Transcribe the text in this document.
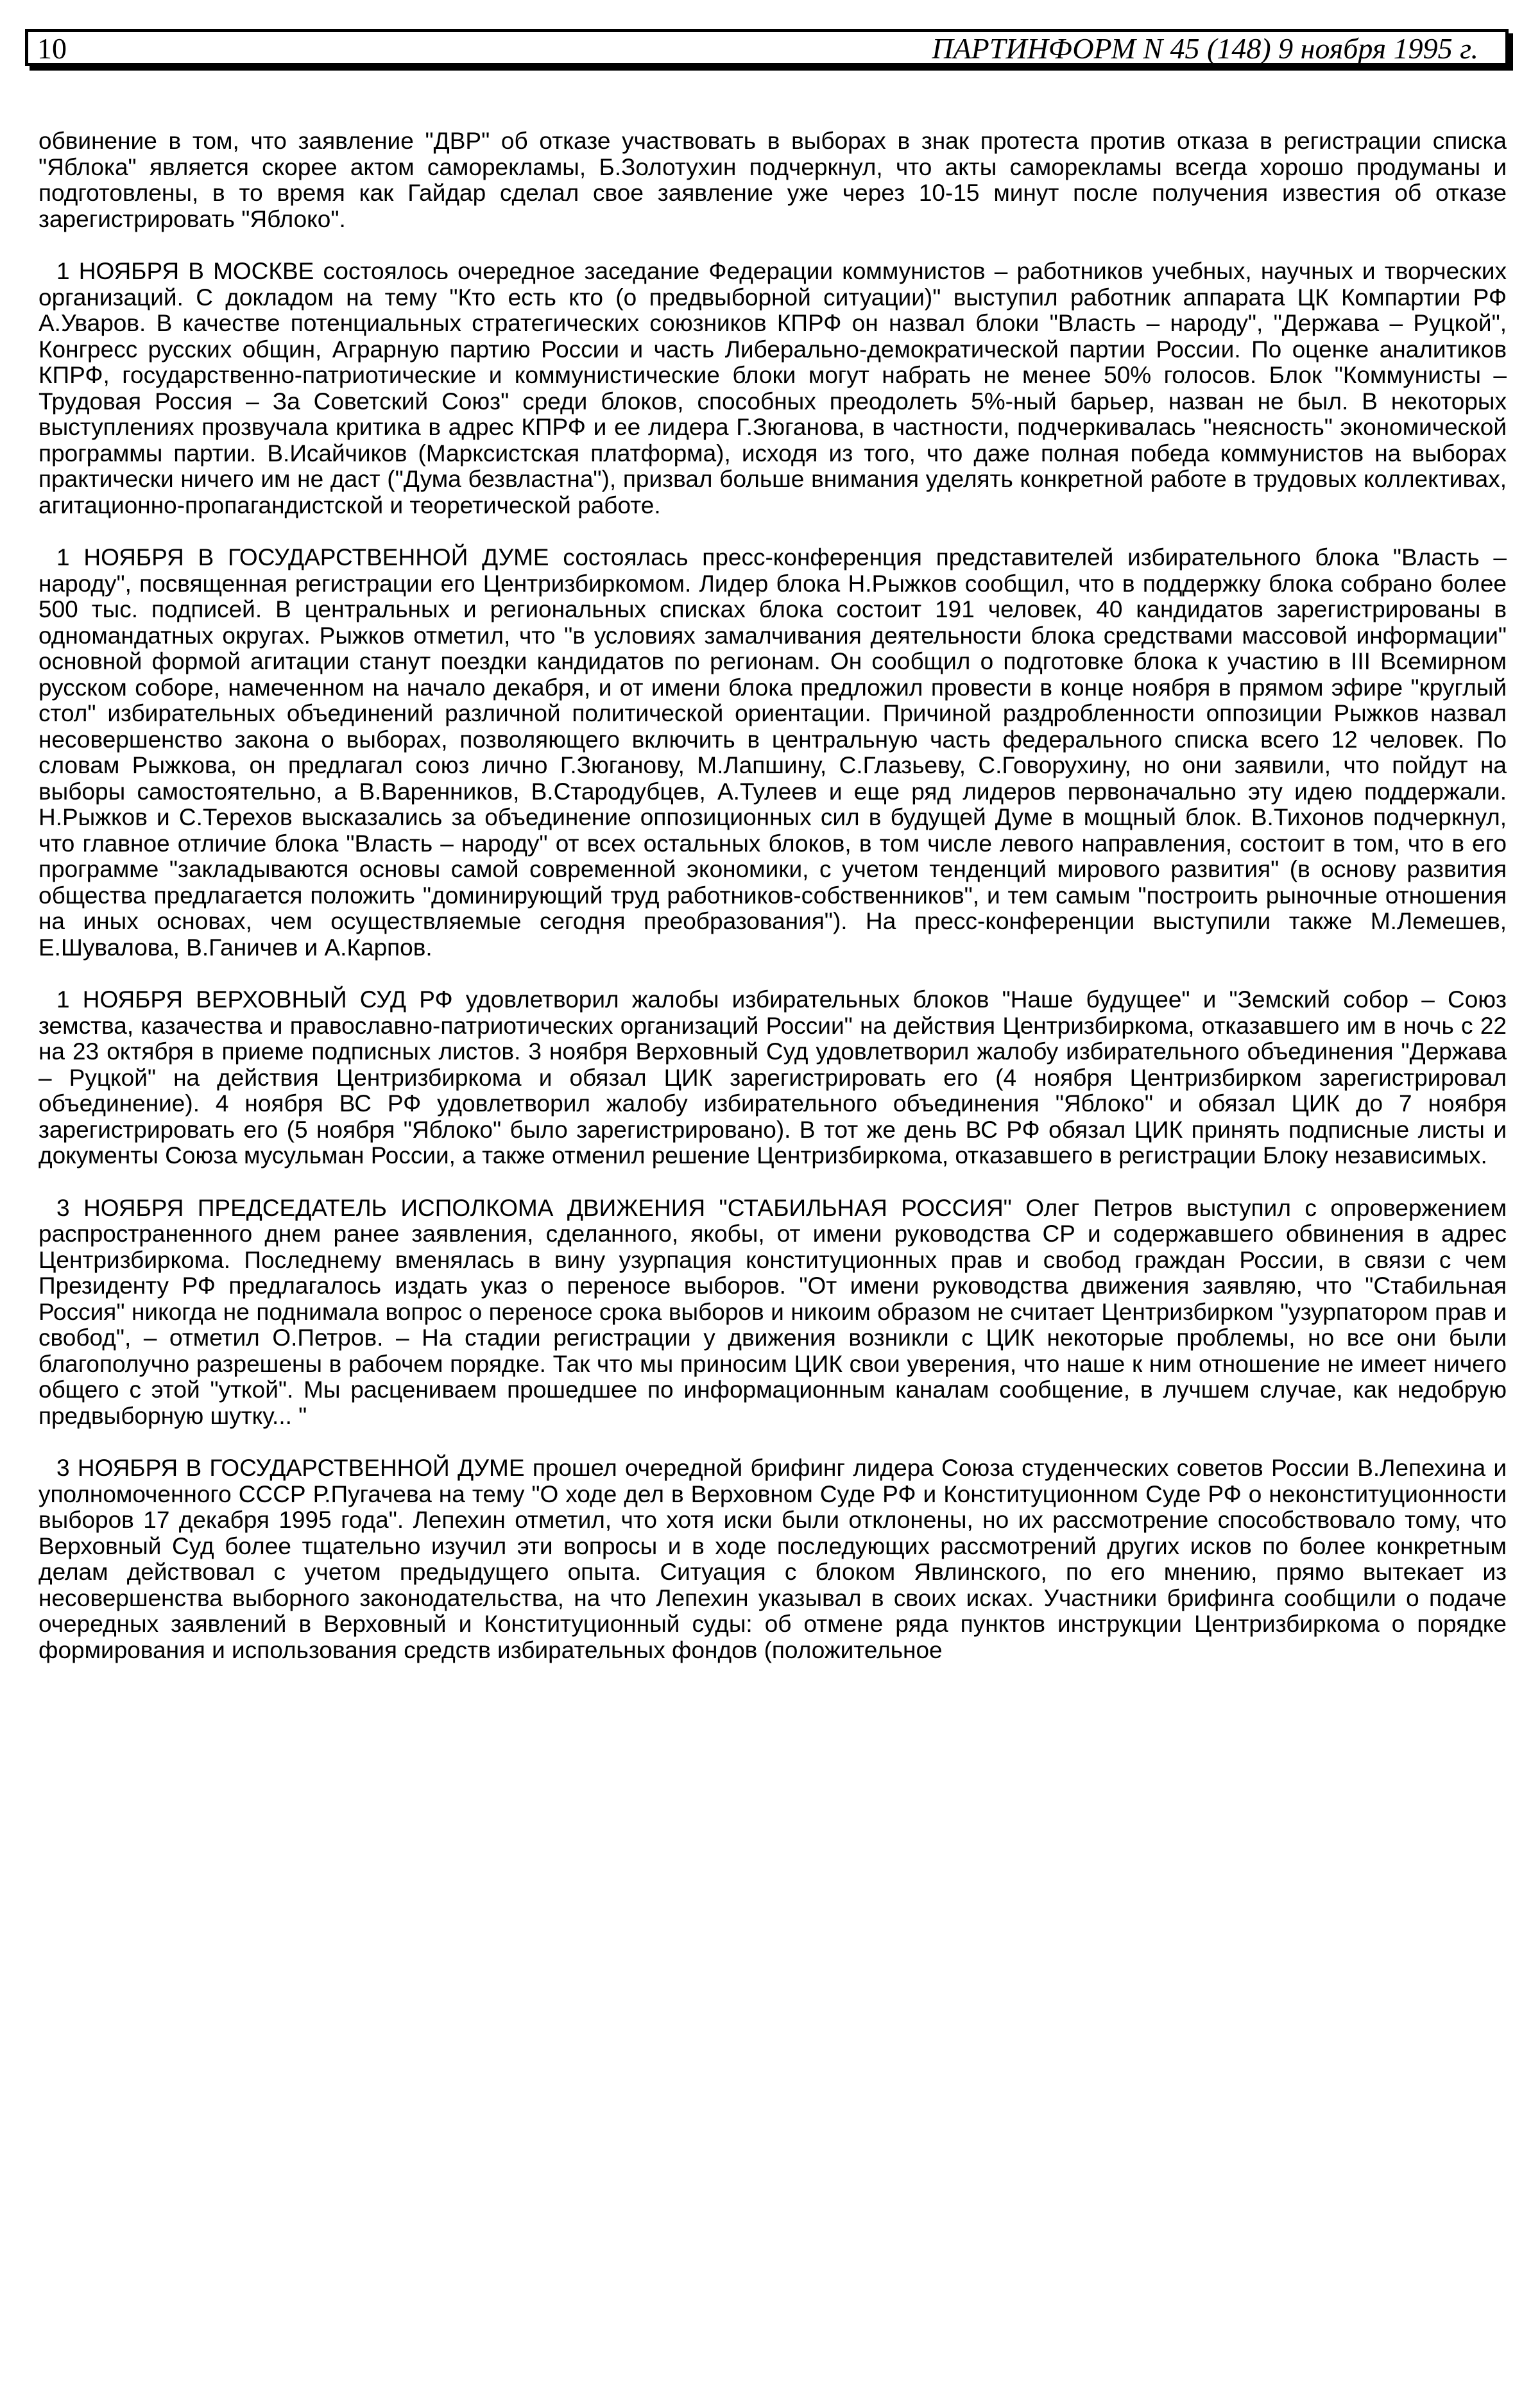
10	ПАРТИНФОРМ N 45 (148) 9 ноября 1995 г.

обвинение в том, что заявление "ДВР" об отказе участвовать в выборах в знак протеста против отказа в регистрации списка "Яблока" является скорее актом саморекламы, Б.Золотухин подчеркнул, что акты саморекламы всегда хорошо продуманы и подготовлены, в то время как Гайдар сделал свое заявление уже через 10-15 минут после получения известия об отказе зарегистрировать "Яблоко".

1 НОЯБРЯ В МОСКВЕ состоялось очередное заседание Федерации коммунистов – работников учебных, научных и творческих организаций. С докладом на тему "Кто есть кто (о предвыборной ситуации)" выступил работник аппарата ЦК Компартии РФ А.Уваров. В качестве потенциальных стратегических союзников КПРФ он назвал блоки "Власть – народу", "Держава – Руцкой", Конгресс русских общин, Аграрную партию России и часть Либерально-демократической партии России. По оценке аналитиков КПРФ, государственно-патриотические и коммунистические блоки могут набрать не менее 50% голосов. Блок "Коммунисты – Трудовая Россия – За Советский Союз" среди блоков, способных преодолеть 5%-ный барьер, назван не был. В некоторых выступлениях прозвучала критика в адрес КПРФ и ее лидера Г.Зюганова, в частности, подчеркивалась "неясность" экономической программы партии. В.Исайчиков (Марксистская платформа), исходя из того, что даже полная победа коммунистов на выборах практически ничего им не даст ("Дума безвластна"), призвал больше внимания уделять конкретной работе в трудовых коллективах, агитационно-пропагандистской и теоретической работе.

1 НОЯБРЯ В ГОСУДАРСТВЕННОЙ ДУМЕ состоялась пресс-конференция представителей избирательного блока "Власть – народу", посвященная регистрации его Центризбиркомом. Лидер блока Н.Рыжков сообщил, что в поддержку блока собрано более 500 тыс. подписей. В центральных и региональных списках блока состоит 191 человек, 40 кандидатов зарегистрированы в одномандатных округах. Рыжков отметил, что "в условиях замалчивания деятельности блока средствами массовой информации" основной формой агитации станут поездки кандидатов по регионам. Он сообщил о подготовке блока к участию в III Всемирном русском соборе, намеченном на начало декабря, и от имени блока предложил провести в конце ноября в прямом эфире "круглый стол" избирательных объединений различной политической ориентации. Причиной раздробленности оппозиции Рыжков назвал несовершенство закона о выборах, позволяющего включить в центральную часть федерального списка всего 12 человек. По словам Рыжкова, он предлагал союз лично Г.Зюганову, М.Лапшину, С.Глазьеву, С.Говорухину, но они заявили, что пойдут на выборы самостоятельно, а В.Варенников, В.Стародубцев, А.Тулеев и еще ряд лидеров первоначально эту идею поддержали. Н.Рыжков и С.Терехов высказались за объединение оппозиционных сил в будущей Думе в мощный блок. В.Тихонов подчеркнул, что главное отличие блока "Власть – народу" от всех остальных блоков, в том числе левого направления, состоит в том, что в его программе "закладываются основы самой современной экономики, с учетом тенденций мирового развития" (в основу развития общества предлагается положить "доминирующий труд работников-собственников", и тем самым "построить рыночные отношения на иных основах, чем осуществляемые сегодня преобразования"). На пресс-конференции выступили также М.Лемешев, Е.Шувалова, В.Ганичев и А.Карпов.

1 НОЯБРЯ ВЕРХОВНЫЙ СУД РФ удовлетворил жалобы избирательных блоков "Наше будущее" и "Земский собор – Союз земства, казачества и православно-патриотических организаций России" на действия Центризбиркома, отказавшего им в ночь с 22 на 23 октября в приеме подписных листов. 3 ноября Верховный Суд удовлетворил жалобу избирательного объединения "Держава – Руцкой" на действия Центризбиркома и обязал ЦИК зарегистрировать его (4 ноября Центризбирком зарегистрировал объединение). 4 ноября ВС РФ удовлетворил жалобу избирательного объединения "Яблоко" и обязал ЦИК до 7 ноября зарегистрировать его (5 ноября "Яблоко" было зарегистрировано). В тот же день ВС РФ обязал ЦИК принять подписные листы и документы Союза мусульман России, а также отменил решение Центризбиркома, отказавшего в регистрации Блоку независимых.

3 НОЯБРЯ ПРЕДСЕДАТЕЛЬ ИСПОЛКОМА ДВИЖЕНИЯ "СТАБИЛЬНАЯ РОССИЯ" Олег Петров выступил с опровержением распространенного днем ранее заявления, сделанного, якобы, от имени руководства СР и содержавшего обвинения в адрес Центризбиркома. Последнему вменялась в вину узурпация конституционных прав и свобод граждан России, в связи с чем Президенту РФ предлагалось издать указ о переносе выборов. "От имени руководства движения заявляю, что "Стабильная Россия" никогда не поднимала вопрос о переносе срока выборов и никоим образом не считает Центризбирком "узурпатором прав и свобод", – отметил О.Петров. – На стадии регистрации у движения возникли с ЦИК некоторые проблемы, но все они были благополучно разрешены в рабочем порядке. Так что мы приносим ЦИК свои уверения, что наше к ним отношение не имеет ничего общего с этой "уткой". Мы расцениваем прошедшее по информационным каналам сообщение, в лучшем случае, как недобрую предвыборную шутку... "

3 НОЯБРЯ В ГОСУДАРСТВЕННОЙ ДУМЕ прошел очередной брифинг лидера Союза студенческих советов России В.Лепехина и уполномоченного СССР Р.Пугачева на тему "О ходе дел в Верховном Суде РФ и Конституционном Суде РФ о неконституционности выборов 17 декабря 1995 года". Лепехин отметил, что хотя иски были отклонены, но их рассмотрение способствовало тому, что Верховный Суд более тщательно изучил эти вопросы и в ходе последующих рассмотрений других исков по более конкретным делам действовал с учетом предыдущего опыта. Ситуация с блоком Явлинского, по его мнению, прямо вытекает из несовершенства выборного законодательства, на что Лепехин указывал в своих исках. Участники брифинга сообщили о подаче очередных заявлений в Верховный и Конституционный суды: об отмене ряда пунктов инструкции Центризбиркома о порядке формирования и использования средств избирательных фондов (положительное
